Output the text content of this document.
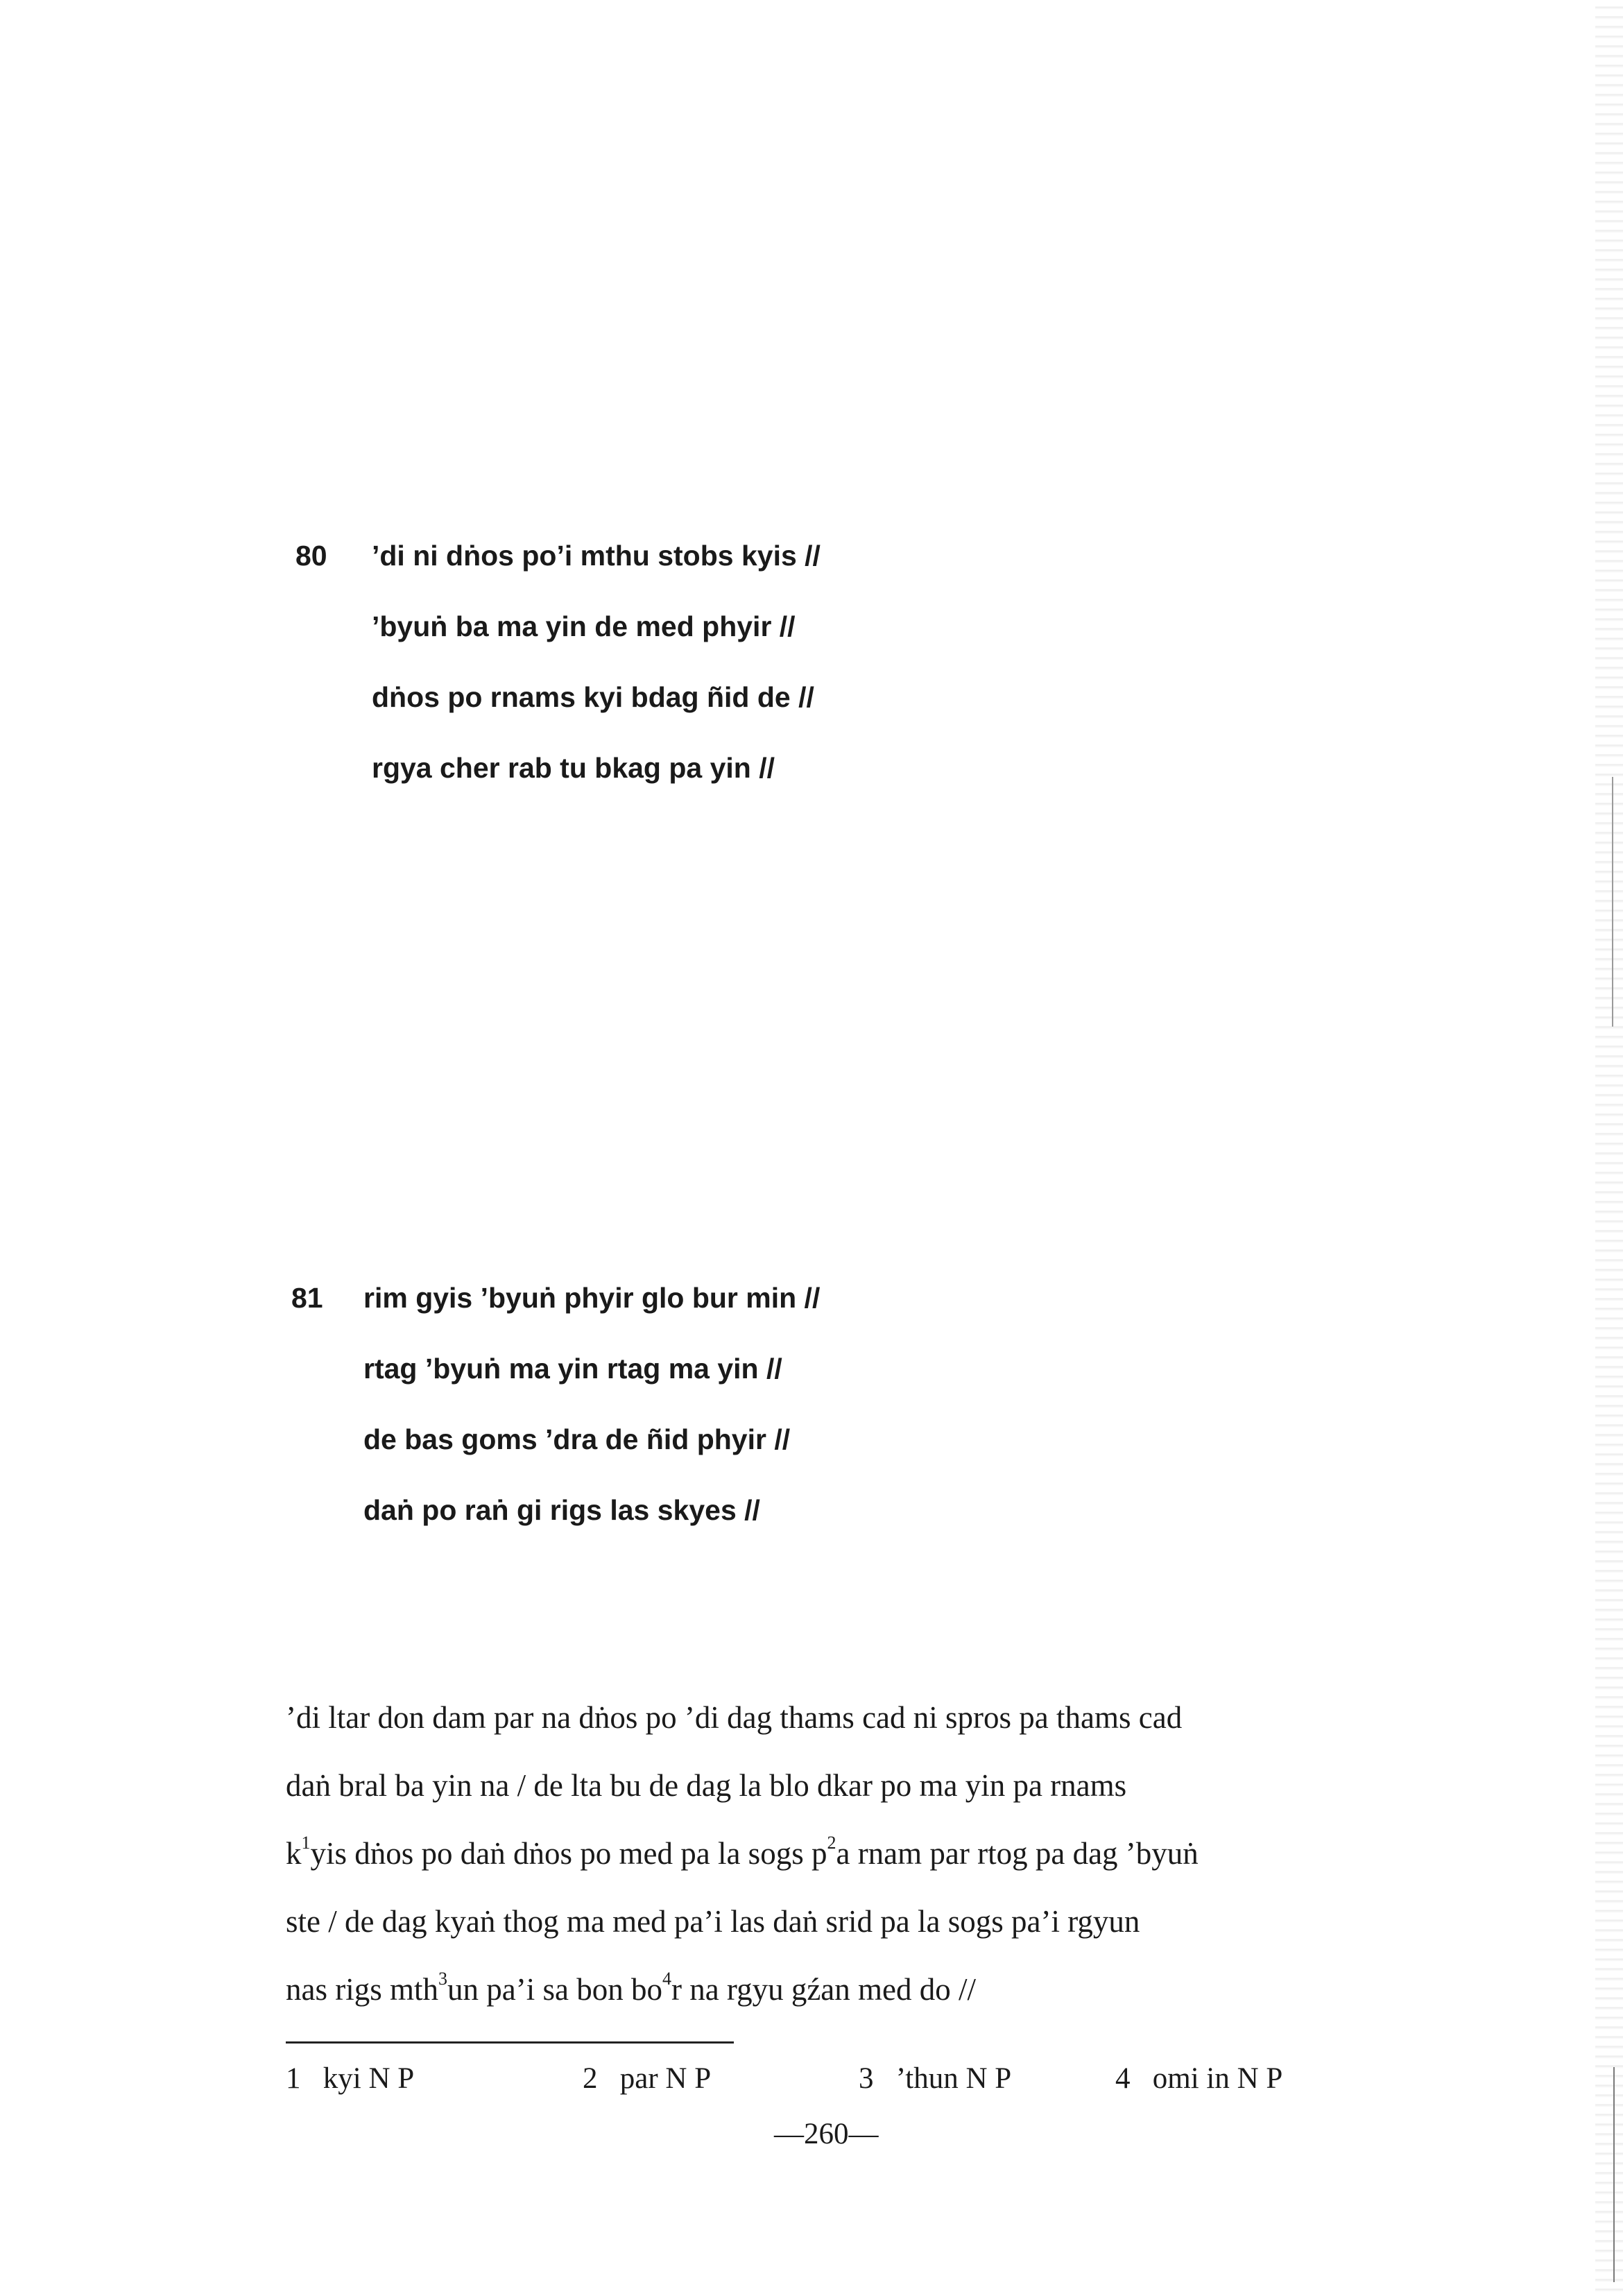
80 ’di ni dṅos po’i mthu stobs kyis //
’byuṅ ba ma yin de med phyir //
dṅos po rnams kyi bdag ñid de //
rgya cher rab tu bkag pa yin //
81 rim gyis ’byuṅ phyir glo bur min //
rtag ’byuṅ ma yin rtag ma yin //
de bas goms ’dra de ñid phyir //
daṅ po raṅ gi rigs las skyes //
’di ltar don dam par na dṅos po ’di dag thams cad ni spros pa thams cad
daṅ bral ba yin na / de lta bu de dag la blo dkar po ma yin pa rnams
$k^1yis$ dṅos po daṅ dṅos po med pa la sogs $p^2a$ rnam par rtog pa dag ’byuṅ
ste / de dag kyaṅ thog ma med pa’i las daṅ srid pa la sogs pa’i rgyun
nas rigs mth$^3$un pa’i sa bon $bo^4r$ na rgyu gźan med do //
1 kyi N P	2 par N P	3 ’thun N P	4 omi in N P
—260—
